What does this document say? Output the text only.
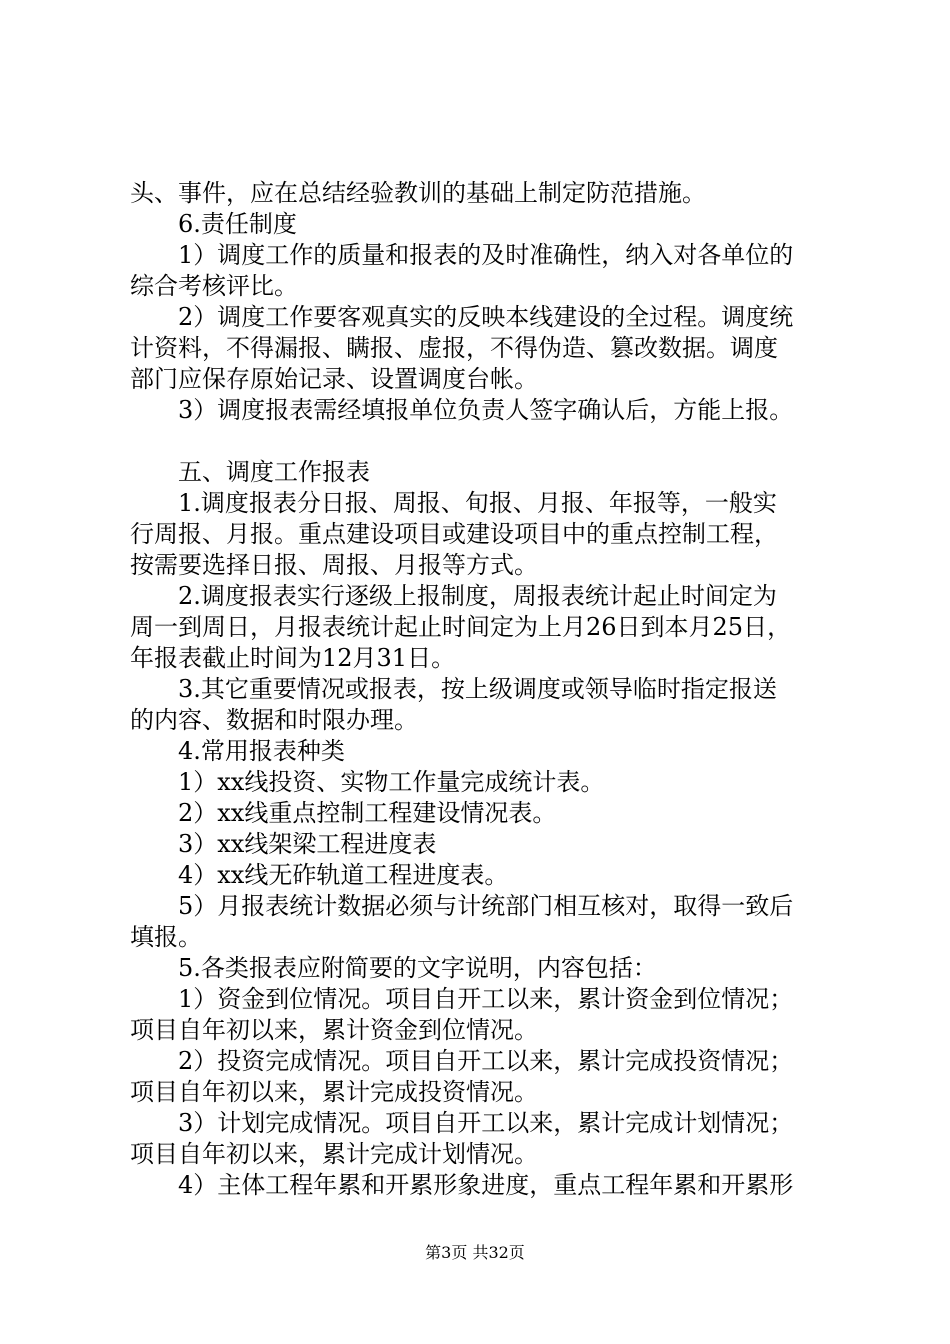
头、事件，应在总结经验教训的基础上制定防范措施。
6.责任制度
1）调度工作的质量和报表的及时准确性，纳入对各单位的
综合考核评比。
2）调度工作要客观真实的反映本线建设的全过程。调度统
计资料，不得漏报、瞒报、虚报，不得伪造、篡改数据。调度
部门应保存原始记录、设置调度台帐。
3）调度报表需经填报单位负责人签字确认后，方能上报。
五、调度工作报表
1.调度报表分日报、周报、旬报、月报、年报等，一般实
行周报、月报。重点建设项目或建设项目中的重点控制工程，
按需要选择日报、周报、月报等方式。
2.调度报表实行逐级上报制度，周报表统计起止时间定为
周一到周日，月报表统计起止时间定为上月26日到本月25日，
年报表截止时间为12月31日。
3.其它重要情况或报表，按上级调度或领导临时指定报送
的内容、数据和时限办理。
4.常用报表种类
1）xx线投资、实物工作量完成统计表。
2）xx线重点控制工程建设情况表。
3）xx线架梁工程进度表
4）xx线无砟轨道工程进度表。
5）月报表统计数据必须与计统部门相互核对，取得一致后
填报。
5.各类报表应附简要的文字说明，内容包括：
1）资金到位情况。项目自开工以来，累计资金到位情况；
项目自年初以来，累计资金到位情况。
2）投资完成情况。项目自开工以来，累计完成投资情况；
项目自年初以来，累计完成投资情况。
3）计划完成情况。项目自开工以来，累计完成计划情况；
项目自年初以来，累计完成计划情况。
4）主体工程年累和开累形象进度，重点工程年累和开累形
第3页 共32页
